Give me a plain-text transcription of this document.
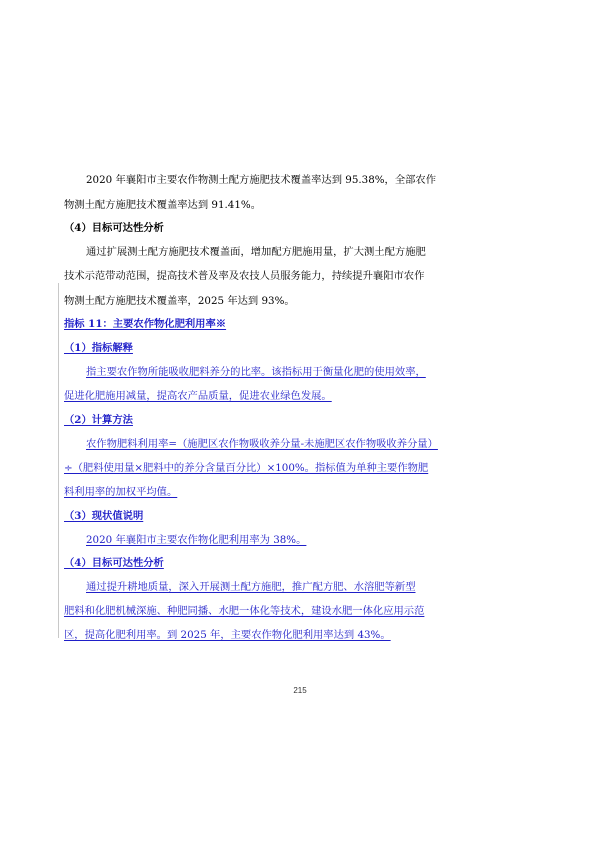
2020 年襄阳市主要农作物测土配方施肥技术覆盖率达到 95.38%，全部农作
物测土配方施肥技术覆盖率达到 91.41%。
（4）目标可达性分析
通过扩展测土配方施肥技术覆盖面，增加配方肥施用量，扩大测土配方施肥
技术示范带动范围，提高技术普及率及农技人员服务能力，持续提升襄阳市农作
物测土配方施肥技术覆盖率，2025 年达到 93%。
指标 11：主要农作物化肥利用率※
（1）指标解释
指主要农作物所能吸收肥料养分的比率。该指标用于衡量化肥的使用效率，
促进化肥施用减量，提高农产品质量，促进农业绿色发展。
（2）计算方法
农作物肥料利用率=（施肥区农作物吸收养分量-未施肥区农作物吸收养分量）
÷（肥料使用量×肥料中的养分含量百分比）×100%。指标值为单种主要作物肥
料利用率的加权平均值。
（3）现状值说明
2020 年襄阳市主要农作物化肥利用率为 38%。
（4）目标可达性分析
通过提升耕地质量，深入开展测土配方施肥，推广配方肥、水溶肥等新型
肥料和化肥机械深施、种肥同播、水肥一体化等技术，建设水肥一体化应用示范
区，提高化肥利用率。到 2025 年，主要农作物化肥利用率达到 43%。
215
